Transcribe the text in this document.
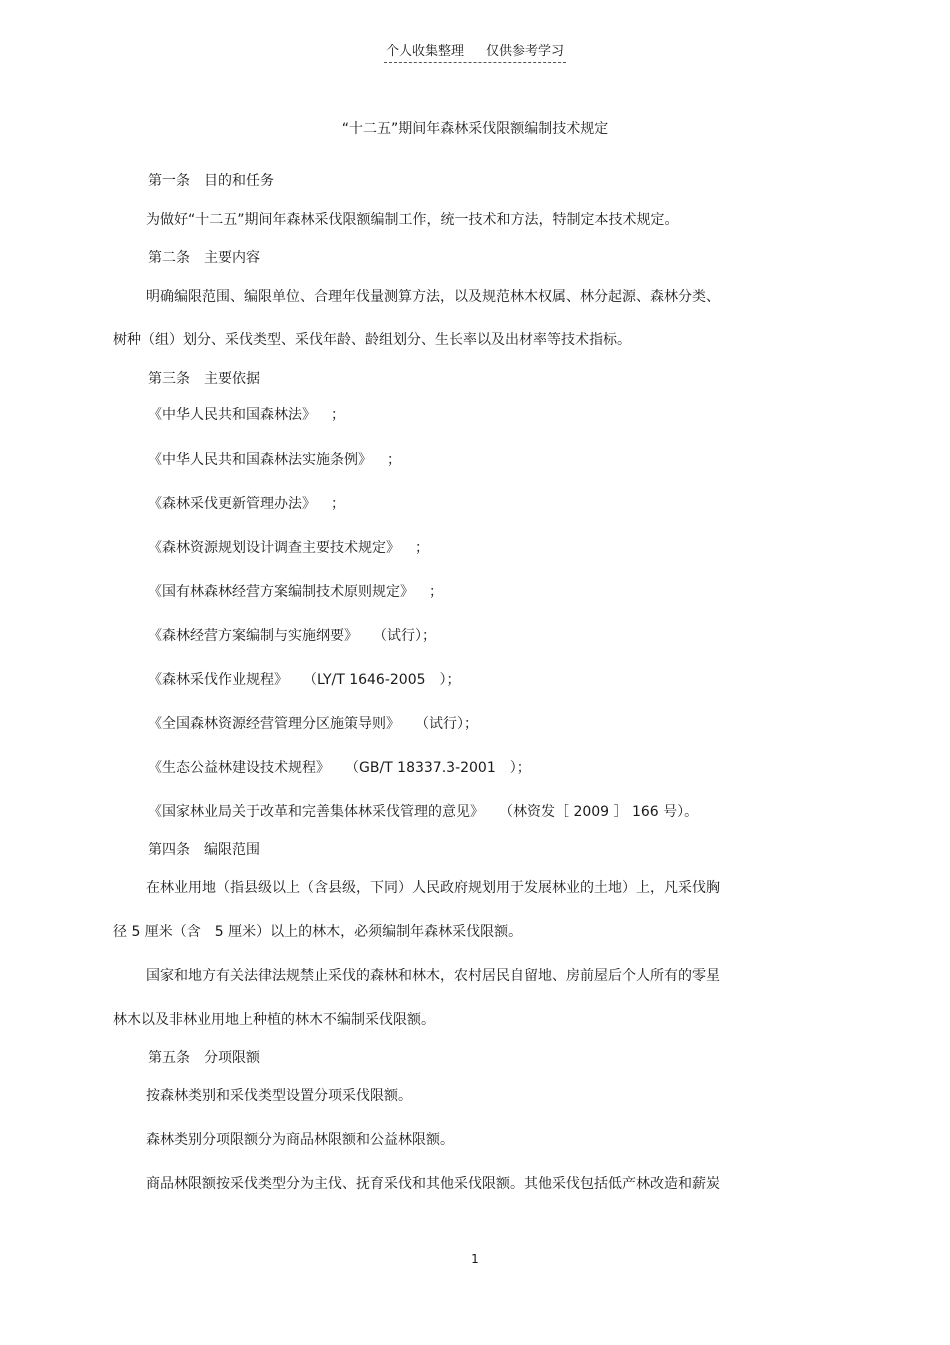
个人收集整理 仅供参考学习
“十二五”期间年森林采伐限额编制技术规定
第一条　目的和任务
为做好“十二五”期间年森林采伐限额编制工作，统一技术和方法，特制定本技术规定。
第二条　主要内容
明确编限范围、编限单位、合理年伐量测算方法，以及规范林木权属、林分起源、森林分类、
树种（组）划分、采伐类型、采伐年龄、龄组划分、生长率以及出材率等技术指标。
第三条　主要依据
《中华人民共和国森林法》 ；
《中华人民共和国森林法实施条例》 ；
《森林采伐更新管理办法》 ；
《森林资源规划设计调查主要技术规定》 ；
《国有林森林经营方案编制技术原则规定》 ；
《森林经营方案编制与实施纲要》 （试行）；
《森林采伐作业规程》 （LY/T 1646-2005　）；
《全国森林资源经营管理分区施策导则》 （试行）；
《生态公益林建设技术规程》 （GB/T 18337.3-2001　）；
《国家林业局关于改革和完善集体林采伐管理的意见》 （林资发［ 2009 ］ 166 号）。
第四条　编限范围
在林业用地（指县级以上（含县级，下同）人民政府规划用于发展林业的土地）上，凡采伐胸
径 5 厘米（含　5 厘米）以上的林木，必须编制年森林采伐限额。
国家和地方有关法律法规禁止采伐的森林和林木，农村居民自留地、房前屋后个人所有的零星
林木以及非林业用地上种植的林木不编制采伐限额。
第五条　分项限额
按森林类别和采伐类型设置分项采伐限额。
森林类别分项限额分为商品林限额和公益林限额。
商品林限额按采伐类型分为主伐、抚育采伐和其他采伐限额。其他采伐包括低产林改造和薪炭
1
